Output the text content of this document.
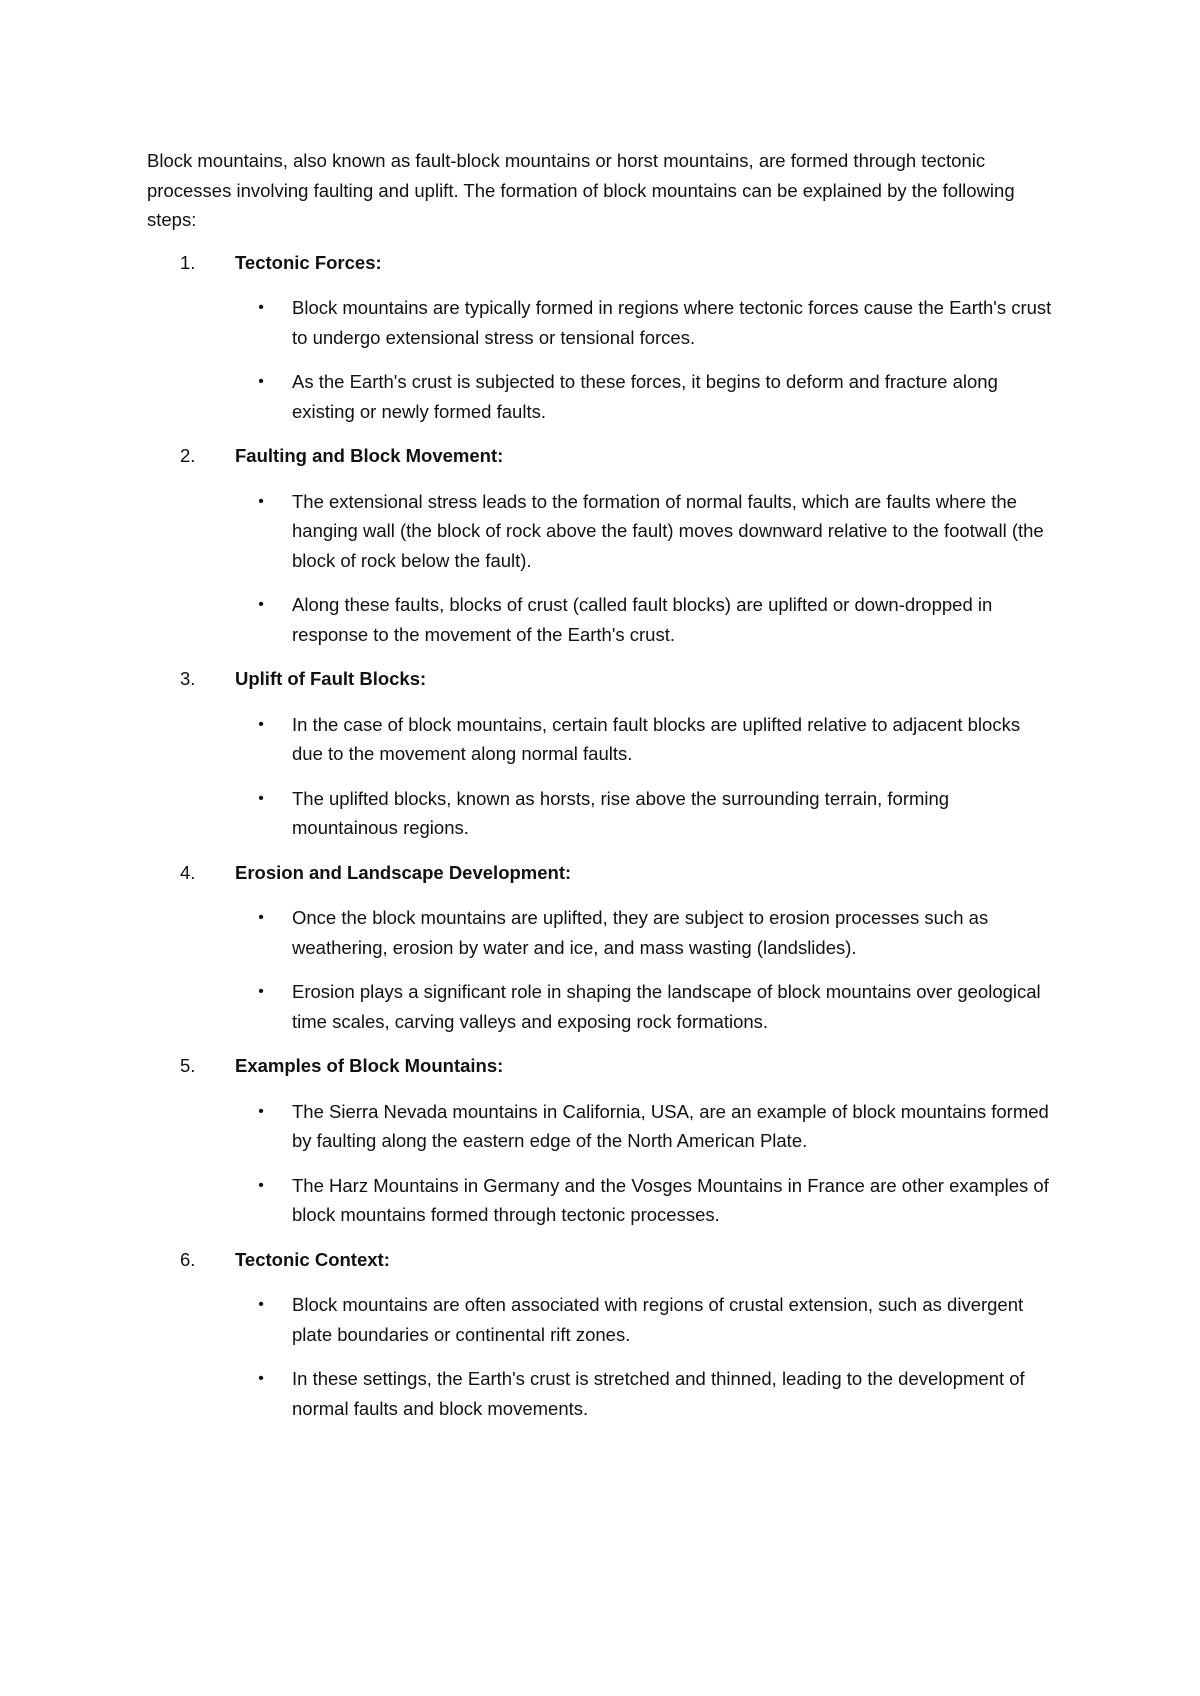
Block mountains, also known as fault-block mountains or horst mountains, are formed through tectonic processes involving faulting and uplift. The formation of block mountains can be explained by the following steps:

1.	Tectonic Forces:
• Block mountains are typically formed in regions where tectonic forces cause the Earth's crust to undergo extensional stress or tensional forces.
• As the Earth's crust is subjected to these forces, it begins to deform and fracture along existing or newly formed faults.
2.	Faulting and Block Movement:
• The extensional stress leads to the formation of normal faults, which are faults where the hanging wall (the block of rock above the fault) moves downward relative to the footwall (the block of rock below the fault).
• Along these faults, blocks of crust (called fault blocks) are uplifted or down-dropped in response to the movement of the Earth's crust.
3.	Uplift of Fault Blocks:
• In the case of block mountains, certain fault blocks are uplifted relative to adjacent blocks due to the movement along normal faults.
• The uplifted blocks, known as horsts, rise above the surrounding terrain, forming mountainous regions.
4.	Erosion and Landscape Development:
• Once the block mountains are uplifted, they are subject to erosion processes such as weathering, erosion by water and ice, and mass wasting (landslides).
• Erosion plays a significant role in shaping the landscape of block mountains over geological time scales, carving valleys and exposing rock formations.
5.	Examples of Block Mountains:
• The Sierra Nevada mountains in California, USA, are an example of block mountains formed by faulting along the eastern edge of the North American Plate.
• The Harz Mountains in Germany and the Vosges Mountains in France are other examples of block mountains formed through tectonic processes.
6.	Tectonic Context:
• Block mountains are often associated with regions of crustal extension, such as divergent plate boundaries or continental rift zones.
• In these settings, the Earth's crust is stretched and thinned, leading to the development of normal faults and block movements.
